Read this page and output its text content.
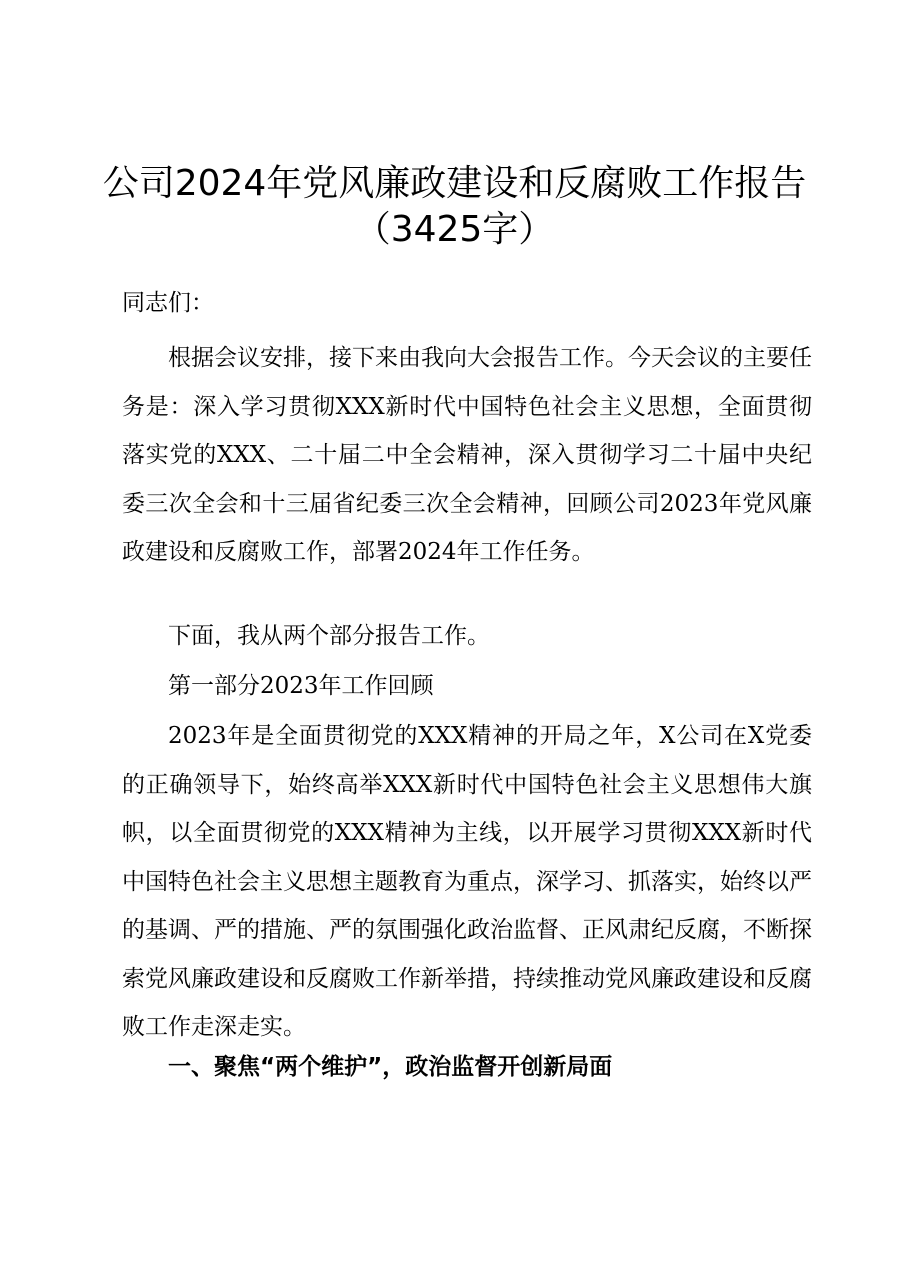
公司2024年党风廉政建设和反腐败工作报告
（3425字）
同志们：

根据会议安排，接下来由我向大会报告工作。今天会议的主要任务是：深入学习贯彻XXX新时代中国特色社会主义思想，全面贯彻落实党的XXX、二十届二中全会精神，深入贯彻学习二十届中央纪委三次全会和十三届省纪委三次全会精神，回顾公司2023年党风廉政建设和反腐败工作，部署2024年工作任务。

下面，我从两个部分报告工作。

第一部分2023年工作回顾

2023年是全面贯彻党的XXX精神的开局之年，X公司在X党委的正确领导下，始终高举XXX新时代中国特色社会主义思想伟大旗帜，以全面贯彻党的XXX精神为主线，以开展学习贯彻XXX新时代中国特色社会主义思想主题教育为重点，深学习、抓落实，始终以严的基调、严的措施、严的氛围强化政治监督、正风肃纪反腐，不断探索党风廉政建设和反腐败工作新举措，持续推动党风廉政建设和反腐败工作走深走实。

一、聚焦“两个维护”，政治监督开创新局面
